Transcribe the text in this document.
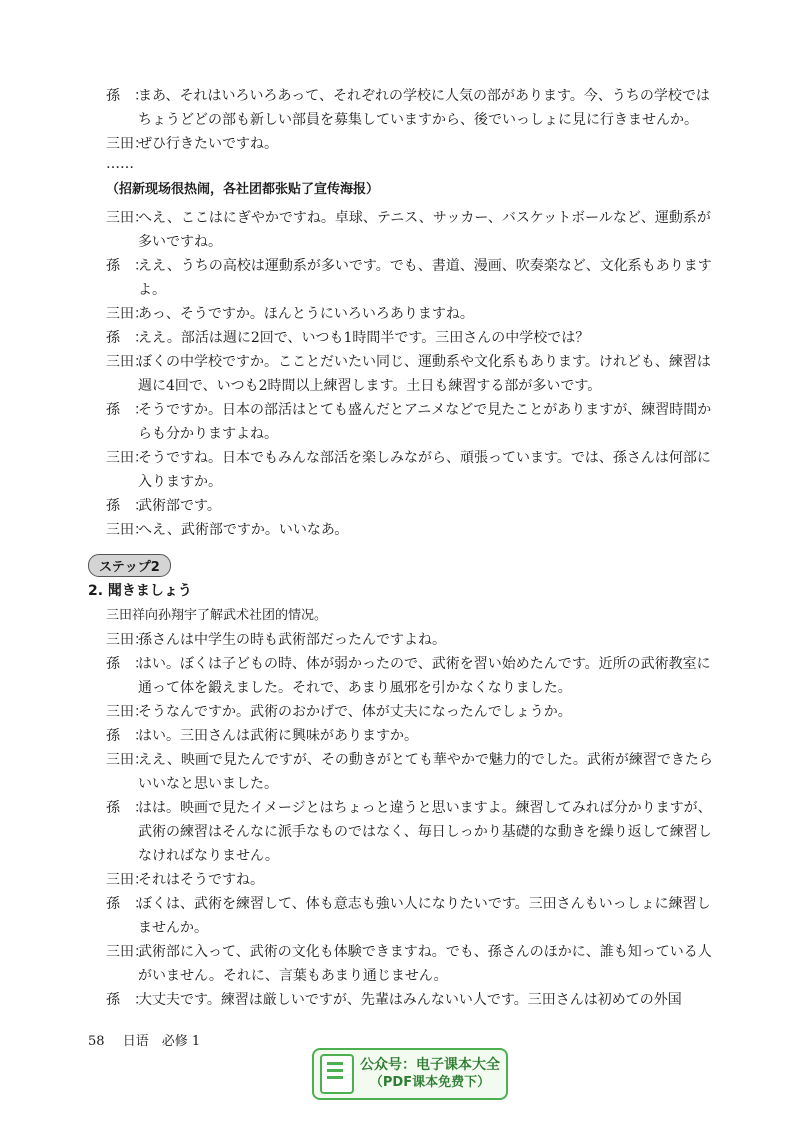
孫　：
まあ、それはいろいろあって、それぞれの学校に人気の部があります。今、うちの学校ではちょうどどの部も新しい部員を募集していますから、後でいっしょに見に行きませんか。
三田：
ぜひ行きたいですね。
……
（招新现场很热闹，各社团都张贴了宣传海报）
三田：
へえ、ここはにぎやかですね。卓球、テニス、サッカー、バスケットボールなど、運動系が多いですね。
孫　：
ええ、うちの高校は運動系が多いです。でも、書道、漫画、吹奏楽など、文化系もありますよ。
三田：
あっ、そうですか。ほんとうにいろいろありますね。
孫　：
ええ。部活は週に2回で、いつも1時間半です。三田さんの中学校では？
三田：
ぼくの中学校ですか。こことだいたい同じ、運動系や文化系もあります。けれども、練習は週に4回で、いつも2時間以上練習します。土日も練習する部が多いです。
孫　：
そうですか。日本の部活はとても盛んだとアニメなどで見たことがありますが、練習時間からも分かりますよね。
三田：
そうですね。日本でもみんな部活を楽しみながら、頑張っています。では、孫さんは何部に入りますか。
孫　：
武術部です。
三田：
へえ、武術部ですか。いいなあ。
ステップ2
2. 聞きましょう
三田祥向孙翔宇了解武术社团的情况。
三田：
孫さんは中学生の時も武術部だったんですよね。
孫　：
はい。ぼくは子どもの時、体が弱かったので、武術を習い始めたんです。近所の武術教室に通って体を鍛えました。それで、あまり風邪を引かなくなりました。
三田：
そうなんですか。武術のおかげで、体が丈夫になったんでしょうか。
孫　：
はい。三田さんは武術に興味がありますか。
三田：
ええ、映画で見たんですが、その動きがとても華やかで魅力的でした。武術が練習できたらいいなと思いました。
孫　：
はは。映画で見たイメージとはちょっと違うと思いますよ。練習してみれば分かりますが、武術の練習はそんなに派手なものではなく、毎日しっかり基礎的な動きを繰り返して練習しなければなりません。
三田：
それはそうですね。
孫　：
ぼくは、武術を練習して、体も意志も強い人になりたいです。三田さんもいっしょに練習しませんか。
三田：
武術部に入って、武術の文化も体験できますね。でも、孫さんのほかに、誰も知っている人がいません。それに、言葉もあまり通じません。
孫　：
大丈夫です。練習は厳しいですが、先輩はみんないい人です。三田さんは初めての外国
58 日语　必修 1
公众号：电子课本大全
（PDF课本免费下）
